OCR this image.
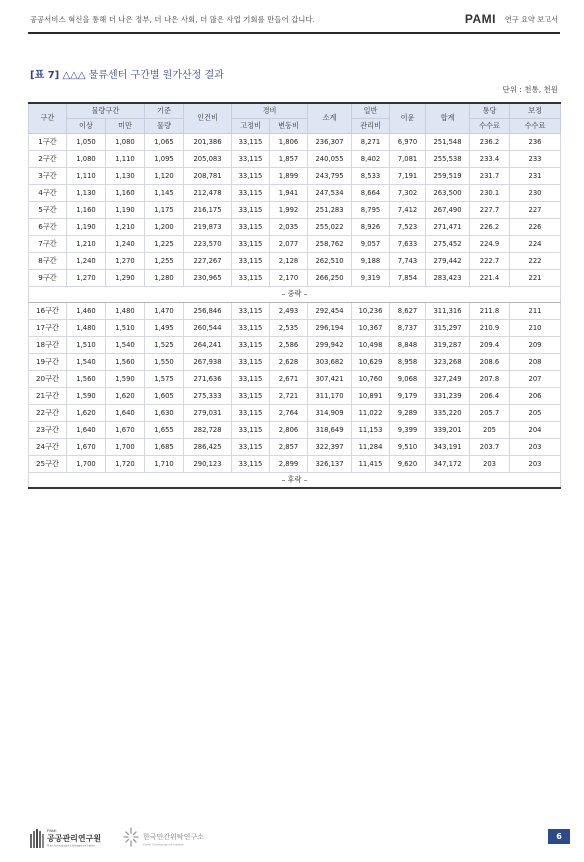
공공서비스 혁신을 통해 더 나은 정부, 더 나은 사회, 더 많은 사업 기회를 만들어 갑니다.	PAMI 연구 요약 보고서
[표 7] △△△ 물류센터 구간별 원가산정 결과
단위 : 천통, 천원
구간	물량구간		기준	인건비	경비		소계	일반	이윤	합계	통당	보정
	이상	미만	물량		고정비	변동비		관리비			수수료	수수료
1구간	1,050	1,080	1,065	201,386	33,115	1,806	236,307	8,271	6,970	251,548	236.2	236
2구간	1,080	1,110	1,095	205,083	33,115	1,857	240,055	8,402	7,081	255,538	233.4	233
3구간	1,110	1,130	1,120	208,781	33,115	1,899	243,795	8,533	7,191	259,519	231.7	231
4구간	1,130	1,160	1,145	212,478	33,115	1,941	247,534	8,664	7,302	263,500	230.1	230
5구간	1,160	1,190	1,175	216,175	33,115	1,992	251,283	8,795	7,412	267,490	227.7	227
6구간	1,190	1,210	1,200	219,873	33,115	2,035	255,022	8,926	7,523	271,471	226.2	226
7구간	1,210	1,240	1,225	223,570	33,115	2,077	258,762	9,057	7,633	275,452	224.9	224
8구간	1,240	1,270	1,255	227,267	33,115	2,128	262,510	9,188	7,743	279,442	222.7	222
9구간	1,270	1,290	1,280	230,965	33,115	2,170	266,250	9,319	7,854	283,423	221.4	221
– 중략 –												
16구간	1,460	1,480	1,470	256,846	33,115	2,493	292,454	10,236	8,627	311,316	211.8	211
17구간	1,480	1,510	1,495	260,544	33,115	2,535	296,194	10,367	8,737	315,297	210.9	210
18구간	1,510	1,540	1,525	264,241	33,115	2,586	299,942	10,498	8,848	319,287	209.4	209
19구간	1,540	1,560	1,550	267,938	33,115	2,628	303,682	10,629	8,958	323,268	208.6	208
20구간	1,560	1,590	1,575	271,636	33,115	2,671	307,421	10,760	9,068	327,249	207.8	207
21구간	1,590	1,620	1,605	275,333	33,115	2,721	311,170	10,891	9,179	331,239	206.4	206
22구간	1,620	1,640	1,630	279,031	33,115	2,764	314,909	11,022	9,289	335,220	205.7	205
23구간	1,640	1,670	1,655	282,728	33,115	2,806	318,649	11,153	9,399	339,201	205	204
24구간	1,670	1,700	1,685	286,425	33,115	2,857	322,397	11,284	9,510	343,191	203.7	203
25구간	1,700	1,720	1,710	290,123	33,115	2,899	326,137	11,415	9,620	347,172	203	203
– 후략 –												
PAMI
공공관리연구원
Public Administration & Management Institute
한국민간위탁연구소
Korea Contracting-out Institute
6
